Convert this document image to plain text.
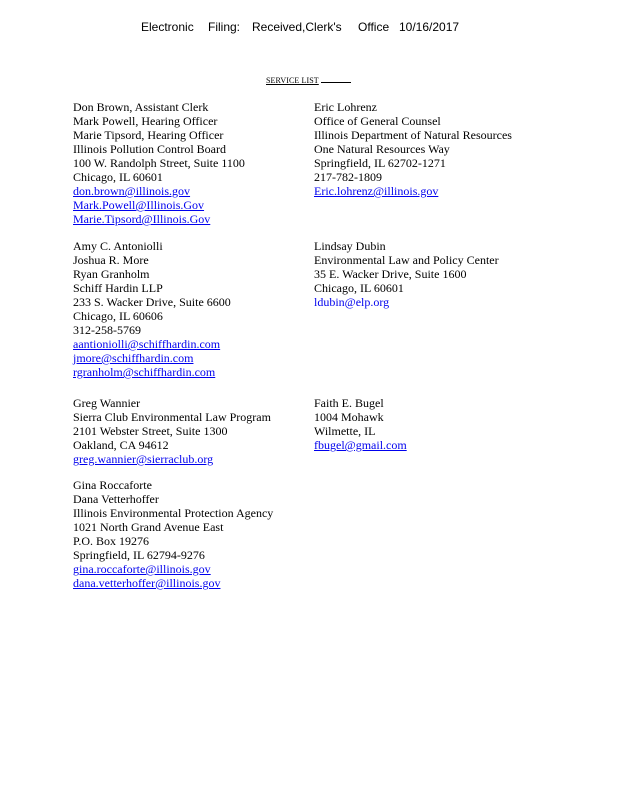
Electronic Filing: Received,Clerk's Office 10/16/2017
SERVICE LIST
Don Brown, Assistant Clerk
Mark Powell, Hearing Officer
Marie Tipsord, Hearing Officer
Illinois Pollution Control Board
100 W. Randolph Street, Suite 1100
Chicago, IL 60601
don.brown@illinois.gov
Mark.Powell@Illinois.Gov
Marie.Tipsord@Illinois.Gov
Eric Lohrenz
Office of General Counsel
Illinois Department of Natural Resources
One Natural Resources Way
Springfield, IL 62702-1271
217-782-1809
Eric.lohrenz@illinois.gov
Amy C. Antoniolli
Joshua R. More
Ryan Granholm
Schiff Hardin LLP
233 S. Wacker Drive, Suite 6600
Chicago, IL 60606
312-258-5769
aantioniolli@schiffhardin.com
jmore@schiffhardin.com
rgranholm@schiffhardin.com
Lindsay Dubin
Environmental Law and Policy Center
35 E. Wacker Drive, Suite 1600
Chicago, IL 60601
ldubin@elp.org
Greg Wannier
Sierra Club Environmental Law Program
2101 Webster Street, Suite 1300
Oakland, CA 94612
greg.wannier@sierraclub.org
Faith E. Bugel
1004 Mohawk
Wilmette, IL
fbugel@gmail.com
Gina Roccaforte
Dana Vetterhoffer
Illinois Environmental Protection Agency
1021 North Grand Avenue East
P.O. Box 19276
Springfield, IL 62794-9276
gina.roccaforte@illinois.gov
dana.vetterhoffer@illinois.gov
